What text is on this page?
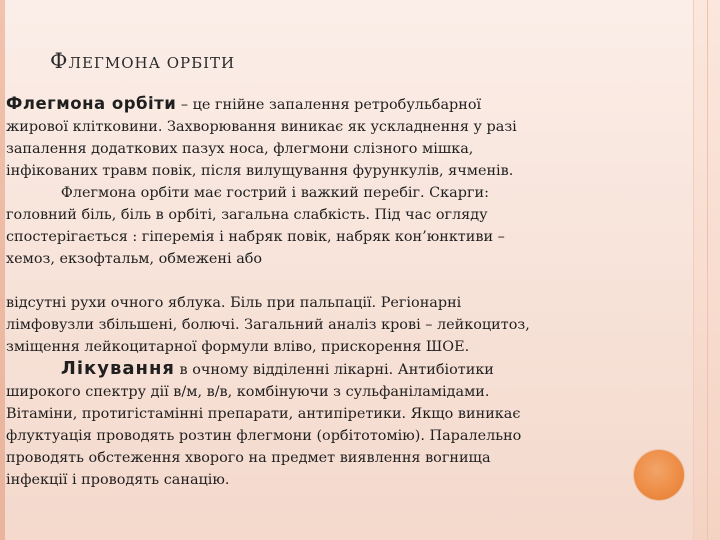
ФЛЕГМОНА ОРБІТИ

Флегмона орбіти – це гнійне запалення ретробульбарної

жирової клітковини. Захворювання виникає як ускладнення у разі

запалення додаткових пазух носа, флегмони слізного мішка,

інфікованих травм повік, після вилущування фурункулів, ячменів.

Флегмона орбіти має гострий і важкий перебіг. Скарги:

головний біль, біль в орбіті, загальна слабкість. Під час огляду

спостерігається : гіперемія і набряк повік, набряк кон’юнктиви –

хемоз, екзофтальм, обмежені або

відсутні рухи очного яблука. Біль при пальпації. Регіонарні

лімфовузли збільшені, болючі. Загальний аналіз крові – лейкоцитоз,

зміщення лейкоцитарної формули вліво, прискорення ШОЕ.

Лікування в очному відділенні лікарні. Антибіотики

широкого спектру дії в/м, в/в, комбінуючи з сульфаніламідами.

Вітаміни, протигістамінні препарати, антипіретики. Якщо виникає

флуктуація проводять розтин флегмони (орбітотомію). Паралельно

проводять обстеження хворого на предмет виявлення вогнища

інфекції і проводять санацію.
